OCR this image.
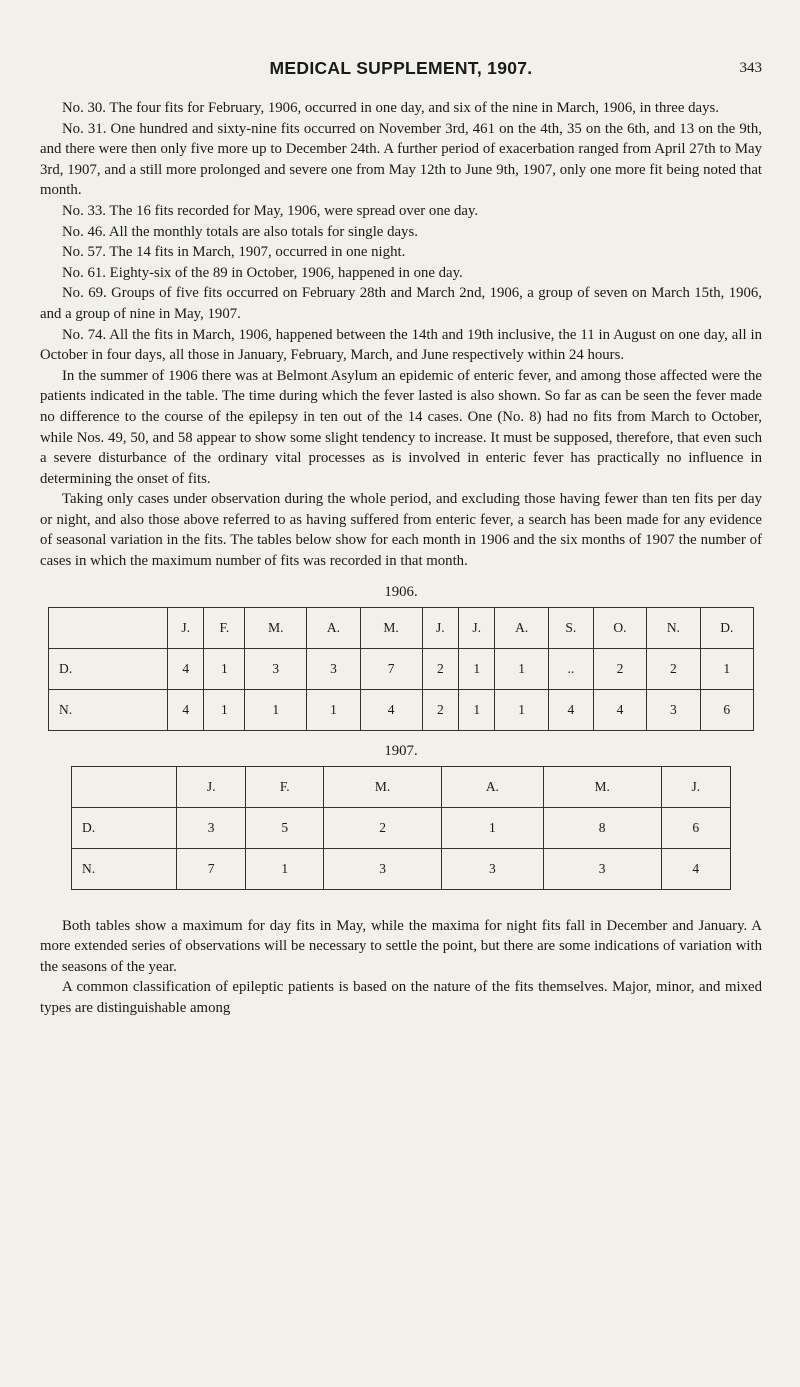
MEDICAL SUPPLEMENT, 1907.	343

No. 30. The four fits for February, 1906, occurred in one day, and six of the nine in March, 1906, in three days.

No. 31. One hundred and sixty-nine fits occurred on November 3rd, 461 on the 4th, 35 on the 6th, and 13 on the 9th, and there were then only five more up to December 24th. A further period of exacerbation ranged from April 27th to May 3rd, 1907, and a still more prolonged and severe one from May 12th to June 9th, 1907, only one more fit being noted that month.

No. 33. The 16 fits recorded for May, 1906, were spread over one day.

No. 46. All the monthly totals are also totals for single days.

No. 57. The 14 fits in March, 1907, occurred in one night.

No. 61. Eighty-six of the 89 in October, 1906, happened in one day.

No. 69. Groups of five fits occurred on February 28th and March 2nd, 1906, a group of seven on March 15th, 1906, and a group of nine in May, 1907.

No. 74. All the fits in March, 1906, happened between the 14th and 19th inclusive, the 11 in August on one day, all in October in four days, all those in January, February, March, and June respectively within 24 hours.

In the summer of 1906 there was at Belmont Asylum an epidemic of enteric fever, and among those affected were the patients indicated in the table. The time during which the fever lasted is also shown. So far as can be seen the fever made no difference to the course of the epilepsy in ten out of the 14 cases. One (No. 8) had no fits from March to October, while Nos. 49, 50, and 58 appear to show some slight tendency to increase. It must be supposed, therefore, that even such a severe disturbance of the ordinary vital processes as is involved in enteric fever has practically no influence in determining the onset of fits.

Taking only cases under observation during the whole period, and excluding those having fewer than ten fits per day or night, and also those above referred to as having suffered from enteric fever, a search has been made for any evidence of seasonal variation in the fits. The tables below show for each month in 1906 and the six months of 1907 the number of cases in which the maximum number of fits was recorded in that month.

1906.
	J.	F.	M.	A.	M.	J.	J.	A.	S.	O.	N.	D.
D.	4	1	3	3	7	2	1	1	..	2	2	1
N.	4	1	1	1	4	2	1	1	4	4	3	6
1907.
	J.	F.	M.	A.	M.	J.
D.	3	5	2	1	8	6
N.	7	1	3	3	3	4

Both tables show a maximum for day fits in May, while the maxima for night fits fall in December and January. A more extended series of observations will be necessary to settle the point, but there are some indications of variation with the seasons of the year.

A common classification of epileptic patients is based on the nature of the fits themselves. Major, minor, and mixed types are distinguishable among
